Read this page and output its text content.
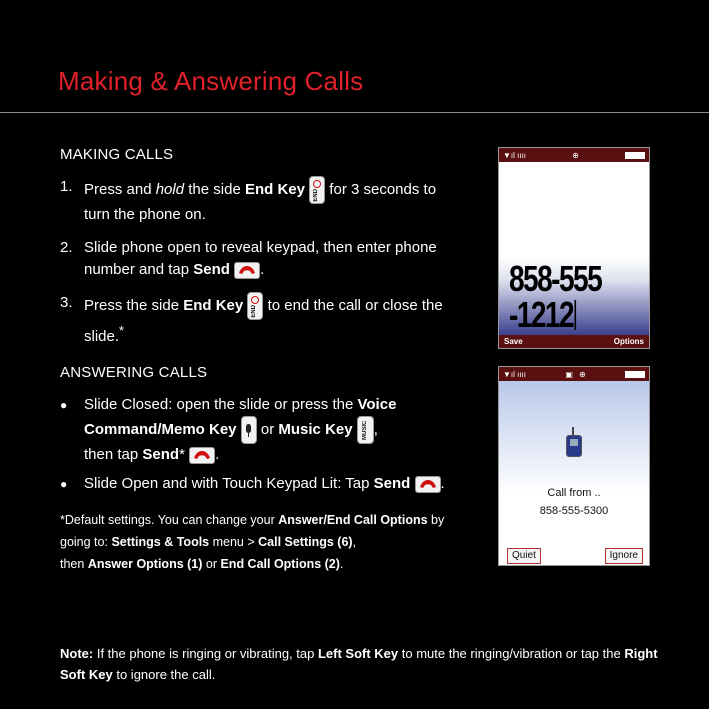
Making & Answering Calls
MAKING CALLS
1. Press and hold the side End Key END for 3 seconds to turn the phone on.
2. Slide phone open to reveal keypad, then enter phone number and tap Send .
3. Press the side End Key END to end the call or close the slide.*
ANSWERING CALLS
●	Slide Closed: open the slide or press the Voice Command/Memo Key  or Music Key MUSIC ,
then tap Send* .
●	Slide Open and with Touch Keypad Lit: Tap Send .
*Default settings. You can change your Answer/End Call Options by going to: Settings & Tools menu > Call Settings (6),
then Answer Options (1) or End Call Options (2).
▼ıl ıııı	⊕
858-555
-1212
Save	Options
▼ıl ıııı	▣ ⊕
Call from ..
858-555-5300
Quiet	Ignore
Note: If the phone is ringing or vibrating, tap Left Soft Key to mute the ringing/vibration or tap the Right Soft Key to ignore the call.
